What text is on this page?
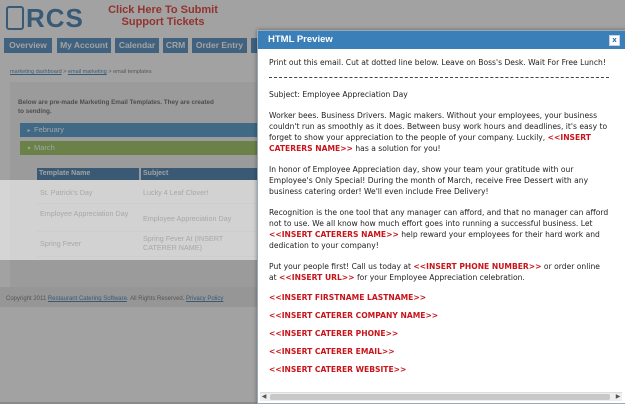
HTML Preview	x

Print out this email. Cut at dotted line below. Leave on Boss's Desk. Wait For Free Lunch!

Subject: Employee Appreciation Day

Worker bees. Business Drivers. Magic makers. Without your employees, your business couldn't run as smoothly as it does. Between busy work hours and deadlines, it's easy to forget to show your appreciation to the people of your company. Luckily, <<INSERT CATERERS NAME>> has a solution for you!

In honor of Employee Appreciation day, show your team your gratitude with our Employee's Only Special! During the month of March, receive Free Dessert with any business catering order! We'll even include Free Delivery!

Recognition is the one tool that any manager can afford, and that no manager can afford not to use. We all know how much effort goes into running a successful business. Let <<INSERT CATERERS NAME>> help reward your employees for their hard work and dedication to your company!

Put your people first! Call us today at <<INSERT PHONE NUMBER>> or order online at <<INSERT URL>> for your Employee Appreciation celebration.

<<INSERT FIRSTNAME LASTNAME>>

<<INSERT CATERER COMPANY NAME>>

<<INSERT CATERER PHONE>>

<<INSERT CATERER EMAIL>>

<<INSERT CATERER WEBSITE>>

◀	▶
